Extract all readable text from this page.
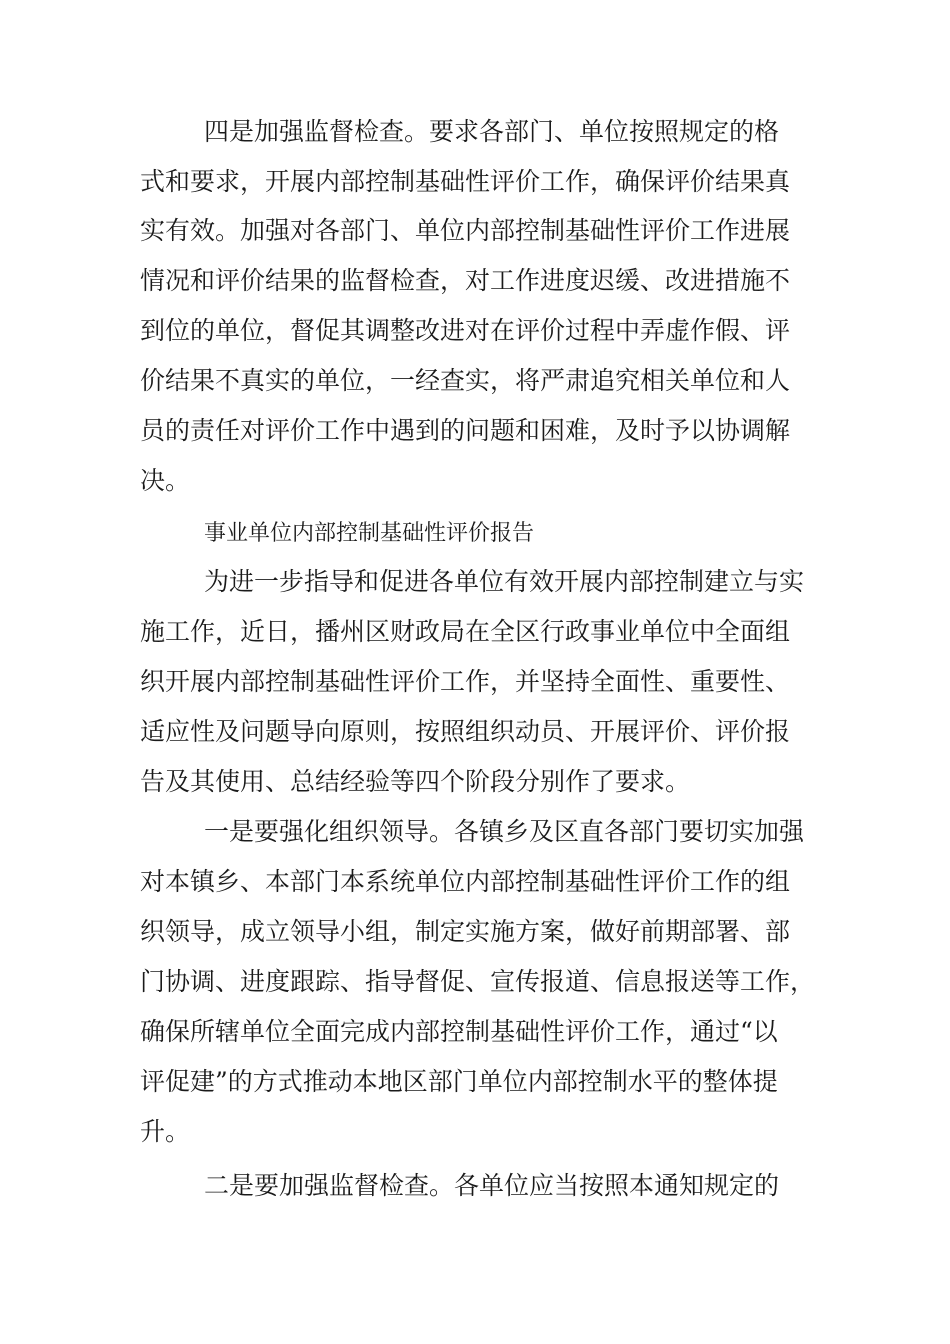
四是加强监督检查。要求各部门、单位按照规定的格
式和要求，开展内部控制基础性评价工作，确保评价结果真
实有效。加强对各部门、单位内部控制基础性评价工作进展
情况和评价结果的监督检查，对工作进度迟缓、改进措施不
到位的单位，督促其调整改进对在评价过程中弄虚作假、评
价结果不真实的单位，一经查实，将严肃追究相关单位和人
员的责任对评价工作中遇到的问题和困难，及时予以协调解
决。
事业单位内部控制基础性评价报告
为进一步指导和促进各单位有效开展内部控制建立与实
施工作，近日，播州区财政局在全区行政事业单位中全面组
织开展内部控制基础性评价工作，并坚持全面性、重要性、
适应性及问题导向原则，按照组织动员、开展评价、评价报
告及其使用、总结经验等四个阶段分别作了要求。
一是要强化组织领导。各镇乡及区直各部门要切实加强
对本镇乡、本部门本系统单位内部控制基础性评价工作的组
织领导，成立领导小组，制定实施方案，做好前期部署、部
门协调、进度跟踪、指导督促、宣传报道、信息报送等工作，
确保所辖单位全面完成内部控制基础性评价工作，通过“以
评促建”的方式推动本地区部门单位内部控制水平的整体提
升。
二是要加强监督检查。各单位应当按照本通知规定的
